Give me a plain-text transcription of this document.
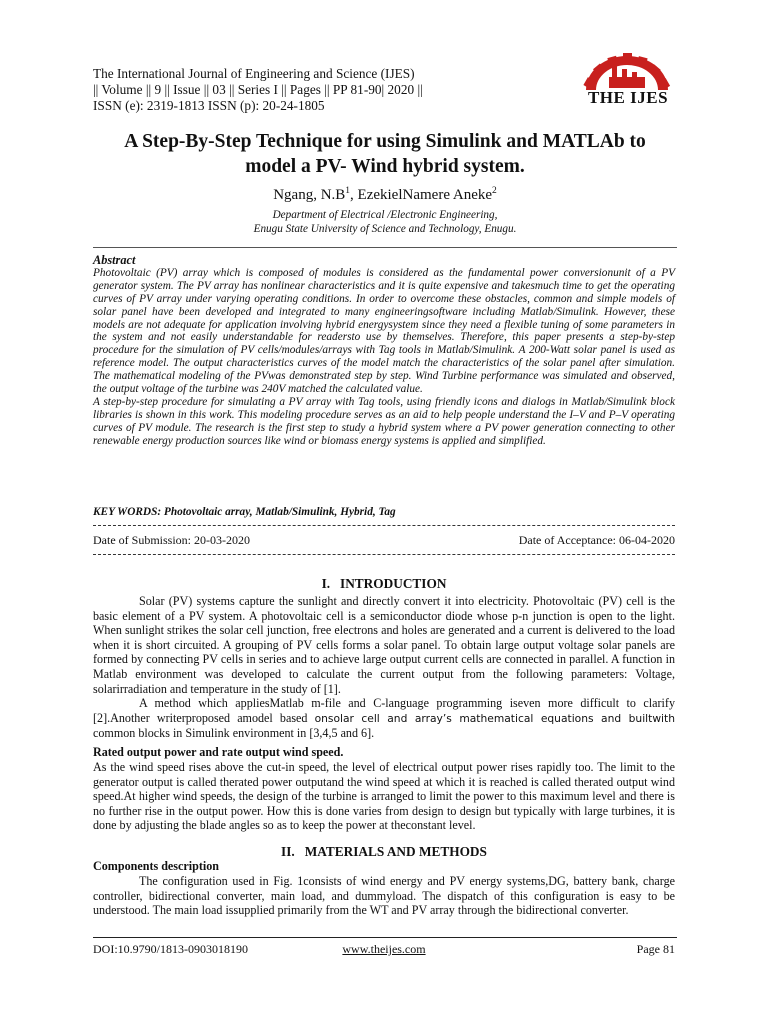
The International Journal of Engineering and Science (IJES)
|| Volume || 9 || Issue || 03 || Series I || Pages || PP 81-90| 2020 ||
ISSN (e): 2319-1813 ISSN (p): 20-24-1805	THE IJES
A Step-By-Step Technique for using Simulink and MATLAb to
model a PV- Wind hybrid system.
Ngang, $N.B^1$, EzekielNamere Aneke$^2$
Department of Electrical /Electronic Engineering,
Enugu State University of Science and Technology, Enugu.
Abstract

Photovoltaic (PV) array which is composed of modules is considered as the fundamental power conversionunit of a PV generator system. The PV array has nonlinear characteristics and it is quite expensive and takesmuch time to get the operating curves of PV array under varying operating conditions. In order to overcome these obstacles, common and simple models of solar panel have been developed and integrated to many engineeringsoftware including Matlab/Simulink. However, these models are not adequate for application involving hybrid energysystem since they need a flexible tuning of some parameters in the system and not easily understandable for readersto use by themselves. Therefore, this paper presents a step-by-step procedure for the simulation of PV cells/modules/arrays with Tag tools in Matlab/Simulink. A 200-Watt solar panel is used as reference model. The output characteristics curves of the model match the characteristics of the solar panel after simulation. The mathematical modeling of the PVwas demonstrated step by step. Wind Turbine performance was simulated and observed, the output voltage of the turbine was 240V matched the calculated value.

A step-by-step procedure for simulating a PV array with Tag tools, using friendly icons and dialogs in Matlab/Simulink block libraries is shown in this work. This modeling procedure serves as an aid to help people understand the I–V and P–V operating curves of PV module. The research is the first step to study a hybrid system where a PV power generation connecting to other renewable energy production sources like wind or biomass energy systems is applied and simplified.

KEY WORDS: Photovoltaic array, Matlab/Simulink, Hybrid, Tag
Date of Submission: 20-03-2020	Date of Acceptance: 06-04-2020
I.   INTRODUCTION

Solar (PV) systems capture the sunlight and directly convert it into electricity. Photovoltaic (PV) cell is the basic element of a PV system. A photovoltaic cell is a semiconductor diode whose p-n junction is open to the light. When sunlight strikes the solar cell junction, free electrons and holes are generated and a current is delivered to the load when it is short circuited. A grouping of PV cells forms a solar panel. To obtain large output voltage solar panels are formed by connecting PV cells in series and to achieve large output current cells are connected in parallel. A function in Matlab environment was developed to calculate the current output from the following parameters: Voltage, solarirradiation and temperature in the study of [1].

A method which appliesMatlab m-file and C-language programming iseven more difficult to clarify [2].Another writerproposed amodel based onsolar cell and array’s mathematical equations and builtwith common blocks in Simulink environment in [3,4,5 and 6].

Rated output power and rate output wind speed.
As the wind speed rises above the cut-in speed, the level of electrical output power rises rapidly too. The limit to the generator output is called therated power outputand the wind speed at which it is reached is called therated output wind speed.At higher wind speeds, the design of the turbine is arranged to limit the power to this maximum level and there is no further rise in the output power. How this is done varies from design to design but typically with large turbines, it is done by adjusting the blade angles so as to keep the power at theconstant level.
II.   MATERIALS AND METHODS
Components description
The configuration used in Fig. 1consists of wind energy and PV energy systems,DG, battery bank, charge controller, bidirectional converter, main load, and dummyload. The dispatch of this configuration is easy to be understood. The main load issupplied primarily from the WT and PV array through the bidirectional converter.
DOI:10.9790/1813-0903018190	www.theijes.com	Page 81
